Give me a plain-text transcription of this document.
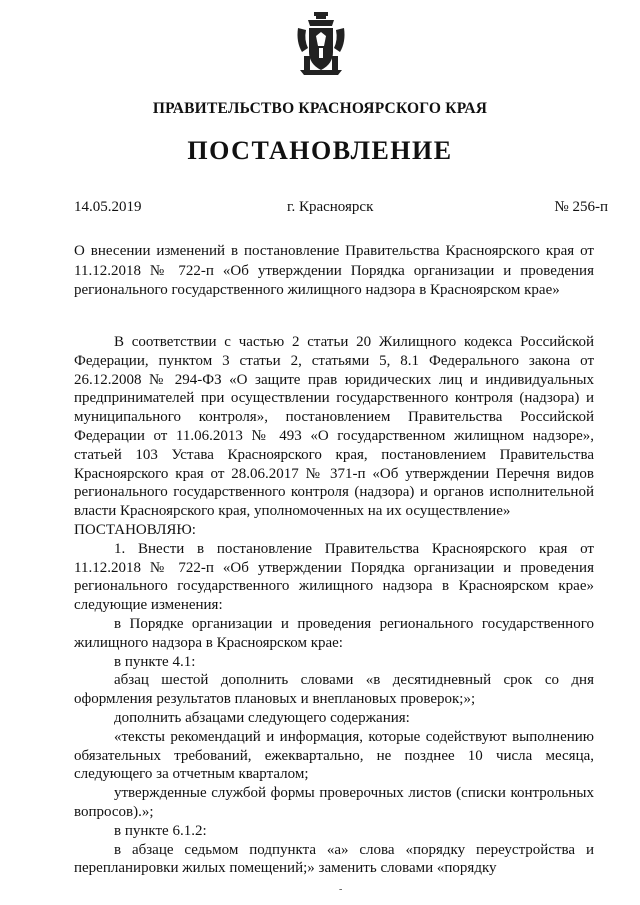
ПРАВИТЕЛЬСТВО КРАСНОЯРСКОГО КРАЯ
ПОСТАНОВЛЕНИЕ
14.05.2019	г. Красноярск	№ 256-п
О внесении изменений в постановление Правительства Красноярского края от 11.12.2018 № 722-п «Об утверждении Порядка организации и проведения регионального государственного жилищного надзора в Красноярском крае»

В соответствии с частью 2 статьи 20 Жилищного кодекса Российской Федерации, пунктом 3 статьи 2, статьями 5, 8.1 Федерального закона от 26.12.2008 № 294-ФЗ «О защите прав юридических лиц и индивидуальных предпринимателей при осуществлении государственного контроля (надзора) и муниципального контроля», постановлением Правительства Российской Федерации от 11.06.2013 № 493 «О государственном жилищном надзоре», статьей 103 Устава Красноярского края, постановлением Правительства Красноярского края от 28.06.2017 № 371-п «Об утверждении Перечня видов регионального государственного контроля (надзора) и органов исполнительной власти Красноярского края, уполномоченных на их осуществление»

ПОСТАНОВЛЯЮ:

1. Внести в постановление Правительства Красноярского края от 11.12.2018 № 722-п «Об утверждении Порядка организации и проведения регионального государственного жилищного надзора в Красноярском крае» следующие изменения:

в Порядке организации и проведения регионального государственного жилищного надзора в Красноярском крае:

в пункте 4.1:

абзац шестой дополнить словами «в десятидневный срок со дня оформления результатов плановых и внеплановых проверок;»;

дополнить абзацами следующего содержания:

«тексты рекомендаций и информация, которые содействуют выполнению обязательных требований, ежеквартально, не позднее 10 числа месяца, следующего за отчетным кварталом;

утвержденные службой формы проверочных листов (списки контрольных вопросов).»;

в пункте 6.1.2:

в абзаце седьмом подпункта «а» слова «порядку переустройства и перепланировки жилых помещений;» заменить словами «порядку

-
